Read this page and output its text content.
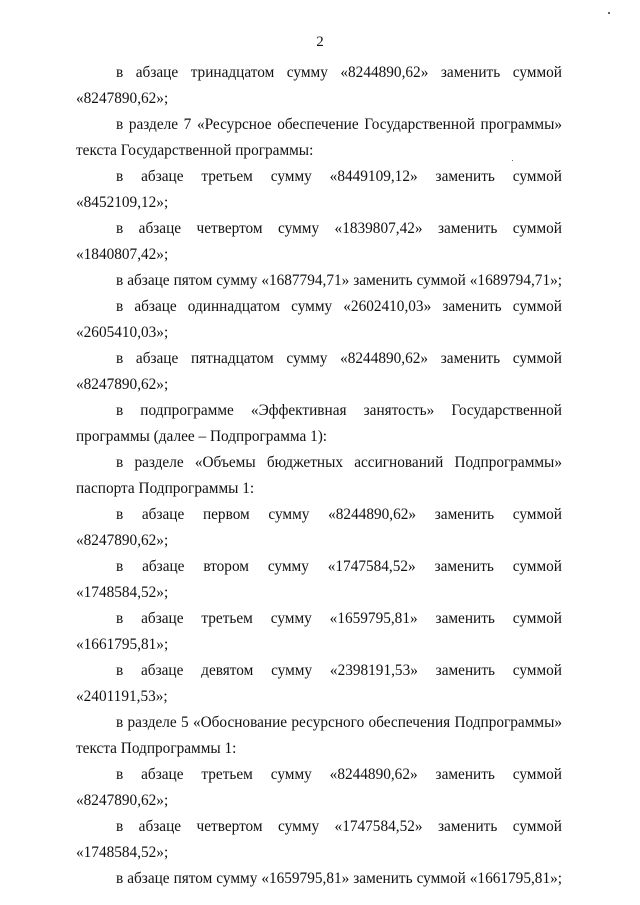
2

в абзаце тринадцатом сумму «8244890,62» заменить суммой «8247890,62»;

в разделе 7 «Ресурсное обеспечение Государственной программы» текста Государственной программы:

в абзаце третьем сумму «8449109,12» заменить суммой «8452109,12»;

в абзаце четвертом сумму «1839807,42» заменить суммой «1840807,42»;

в абзаце пятом сумму «1687794,71» заменить суммой «1689794,71»;

в абзаце одиннадцатом сумму «2602410,03» заменить суммой «2605410,03»;

в абзаце пятнадцатом сумму «8244890,62» заменить суммой «8247890,62»;

в подпрограмме «Эффективная занятость» Государственной программы (далее – Подпрограмма 1):

в разделе «Объемы бюджетных ассигнований Подпрограммы» паспорта Подпрограммы 1:

в абзаце первом сумму «8244890,62» заменить суммой «8247890,62»;

в абзаце втором сумму «1747584,52» заменить суммой «1748584,52»;

в абзаце третьем сумму «1659795,81» заменить суммой «1661795,81»;

в абзаце девятом сумму «2398191,53» заменить суммой «2401191,53»;

в разделе 5 «Обоснование ресурсного обеспечения Подпрограммы» текста Подпрограммы 1:

в абзаце третьем сумму «8244890,62» заменить суммой «8247890,62»;

в абзаце четвертом сумму «1747584,52» заменить суммой «1748584,52»;

в абзаце пятом сумму «1659795,81» заменить суммой «1661795,81»;
